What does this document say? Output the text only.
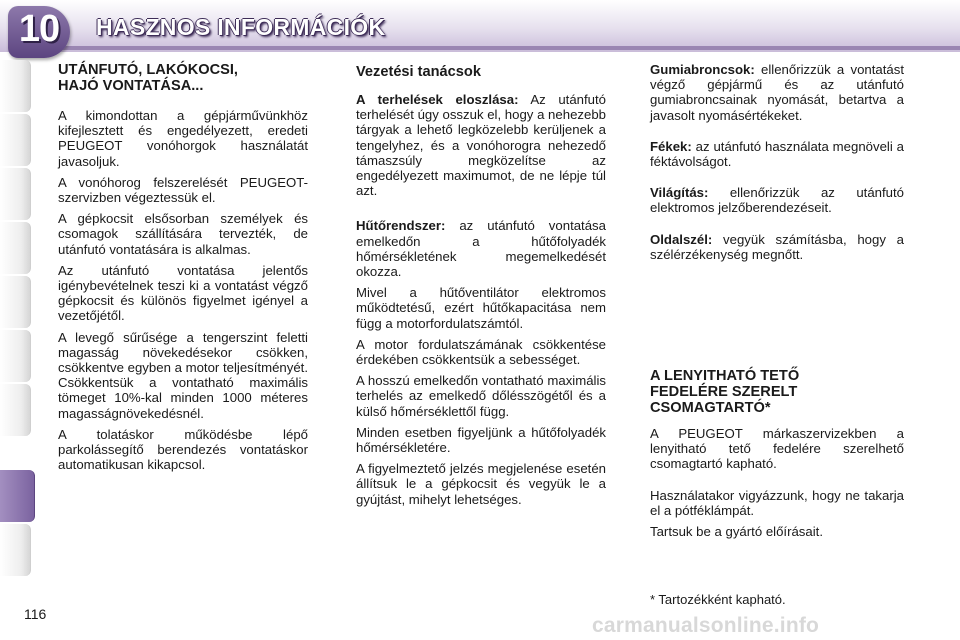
10 HASZNOS INFORMÁCIÓK
UTÁNFUTÓ, LAKÓKOCSI,
HAJÓ VONTATÁSA...

A kimondottan a gépjárművünkhöz kifejlesztett és engedélyezett, eredeti PEUGEOT vonóhorgok használatát javasoljuk.

A vonóhorog felszerelését PEUGEOT-szervizben végeztessük el.

A gépkocsit elsősorban személyek és csomagok szállítására tervezték, de utánfutó vontatására is alkalmas.

Az utánfutó vontatása jelentős igénybevételnek teszi ki a vontatást végző gépkocsit és különös figyelmet igényel a vezetőjétől.

A levegő sűrűsége a tengerszint feletti magasság növekedésekor csökken, csökkentve egyben a motor teljesítményét. Csökkentsük a vontatható maximális tömeget 10%-kal minden 1000 méteres magasságnövekedésnél.

A tolatáskor működésbe lépő parkolássegítő berendezés vontatáskor automatikusan kikapcsol.

Vezetési tanácsok

A terhelések eloszlása: Az utánfutó terhelését úgy osszuk el, hogy a nehezebb tárgyak a lehető legközelebb kerüljenek a tengelyhez, és a vonóhorogra nehezedő támaszsúly megközelítse az engedélyezett maximumot, de ne lépje túl azt.

Hűtőrendszer: az utánfutó vontatása emelkedőn a hűtőfolyadék hőmérsékletének megemelkedését okozza.

Mivel a hűtőventilátor elektromos működtetésű, ezért hűtőkapacitása nem függ a motorfordulatszámtól.

A motor fordulatszámának csökkentése érdekében csökkentsük a sebességet.

A hosszú emelkedőn vontatható maximális terhelés az emelkedő dőlésszögétől és a külső hőmérséklettől függ.

Minden esetben figyeljünk a hűtőfolyadék hőmérsékletére.

A figyelmeztető jelzés megjelenése esetén állítsuk le a gépkocsit és vegyük le a gyújtást, mihelyt lehetséges.

Gumiabroncsok: ellenőrizzük a vontatást végző gépjármű és az utánfutó gumiabroncsainak nyomását, betartva a javasolt nyomásértékeket.

Fékek: az utánfutó használata megnöveli a féktávolságot.

Világítás: ellenőrizzük az utánfutó elektromos jelzőberendezéseit.

Oldalszél: vegyük számításba, hogy a szélérzékenység megnőtt.

A LENYITHATÓ TETŐ
FEDELÉRE SZERELT
CSOMAGTARTÓ*

A PEUGEOT márkaszervizekben a lenyitható tető fedelére szerelhető csomagtartó kapható.

Használatakor vigyázzunk, hogy ne takarja el a pótféklámpát.

Tartsuk be a gyártó előírásait.

* Tartozékként kapható.
116	carmanualsonline.info
